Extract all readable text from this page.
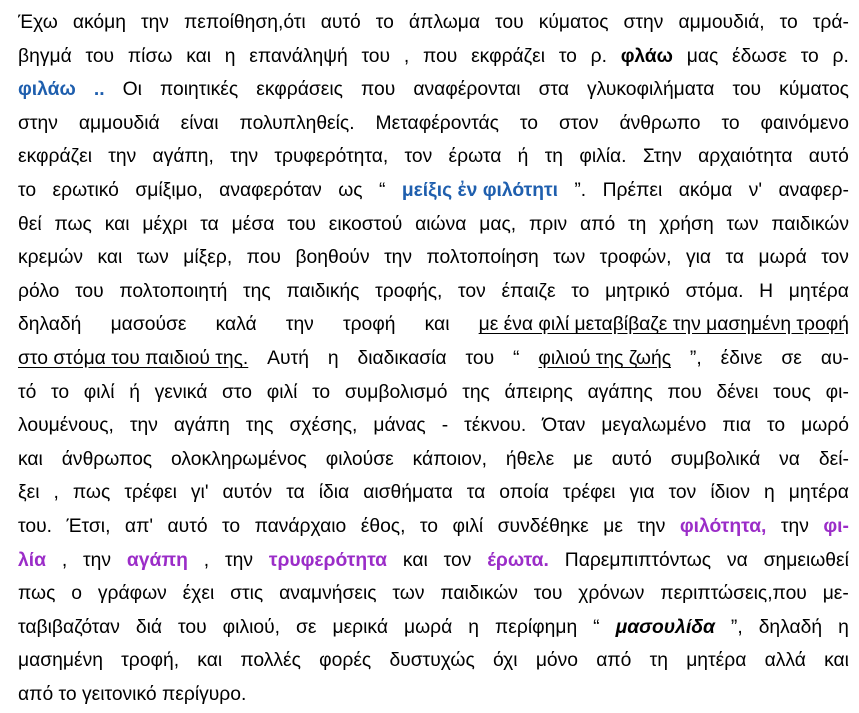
Έχω ακόμη την πεποίθηση,ότι αυτό το άπλωμα του κύματος στην αμμουδιά, το τρά-
βηγμά του πίσω και η επανάληψή του , που εκφράζει το ρ. φλάω μας έδωσε το ρ.
φιλάω .. Οι ποιητικές εκφράσεις που αναφέρονται στα γλυκοφιλήματα του κύματος
στην αμμουδιά είναι πολυπληθείς. Μεταφέροντάς το στον άνθρωπο το φαινόμενο
εκφράζει την αγάπη, την τρυφερότητα, τον έρωτα ή τη φιλία. Στην αρχαιότητα αυτό
το ερωτικό σμίξιμο, αναφερόταν ως “ μείξις ἐν φιλότητι ”. Πρέπει ακόμα ν' αναφερ-
θεί πως και μέχρι τα μέσα του εικοστού αιώνα μας, πριν από τη χρήση των παιδικών
κρεμών και των μίξερ, που βοηθούν την πολτοποίηση των τροφών, για τα μωρά τον
ρόλο του πολτοποιητή της παιδικής τροφής, τον έπαιζε το μητρικό στόμα. Η μητέρα
δηλαδή μασούσε καλά την τροφή και με ένα φιλί μεταβίβαζε την μασημένη τροφή
στο στόμα του παιδιού της. Αυτή η διαδικασία του “ φιλιού της ζωής ”, έδινε σε αυ-
τό το φιλί ή γενικά στο φιλί το συμβολισμό της άπειρης αγάπης που δένει τους φι-
λουμένους, την αγάπη της σχέσης, μάνας - τέκνου. Όταν μεγαλωμένο πια το μωρό
και άνθρωπος ολοκληρωμένος φιλούσε κάποιον, ήθελε με αυτό συμβολικά να δεί-
ξει , πως τρέφει γι' αυτόν τα ίδια αισθήματα τα οποία τρέφει για τον ίδιον η μητέρα
του. Έτσι, απ' αυτό το πανάρχαιο έθος, το φιλί συνδέθηκε με την φιλότητα, την φι-
λία , την αγάπη , την τρυφερότητα και τον έρωτα. Παρεμπιπτόντως να σημειωθεί
πως ο γράφων έχει στις αναμνήσεις των παιδικών του χρόνων περιπτώσεις,που με-
ταβιβαζόταν διά του φιλιού, σε μερικά μωρά η περίφημη “ μασουλίδα ”, δηλαδή η
μασημένη τροφή, και πολλές φορές δυστυχώς όχι μόνο από τη μητέρα αλλά και
από το γειτονικό περίγυρο.
